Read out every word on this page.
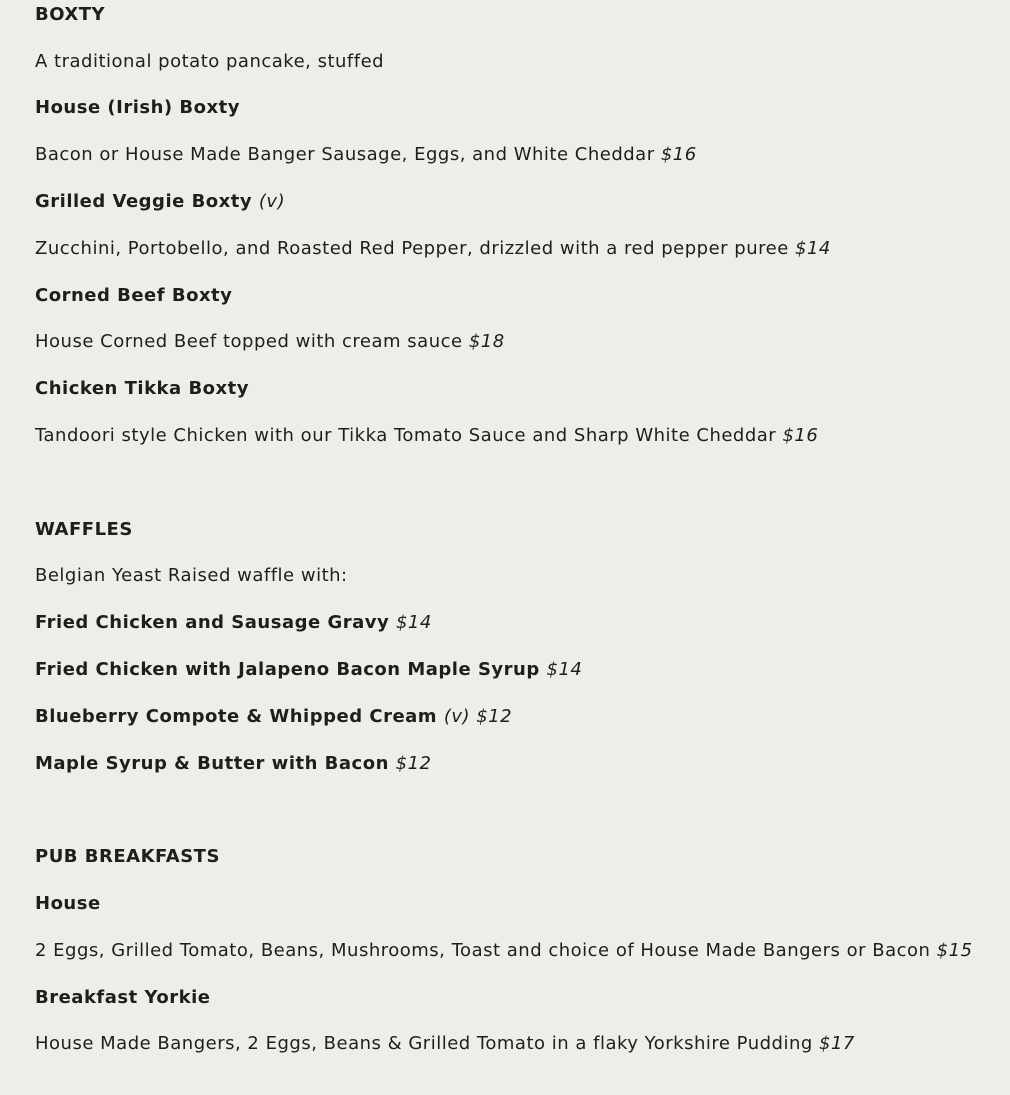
BOXTY

A traditional potato pancake, stuffed

House (Irish) Boxty

Bacon or House Made Banger Sausage, Eggs, and White Cheddar $16

Grilled Veggie Boxty (v)

Zucchini, Portobello, and Roasted Red Pepper, drizzled with a red pepper puree $14

Corned Beef Boxty

House Corned Beef topped with cream sauce $18

Chicken Tikka Boxty

Tandoori style Chicken with our Tikka Tomato Sauce and Sharp White Cheddar $16

WAFFLES

Belgian Yeast Raised waffle with:

Fried Chicken and Sausage Gravy $14

Fried Chicken with Jalapeno Bacon Maple Syrup $14

Blueberry Compote & Whipped Cream (v) $12

Maple Syrup & Butter with Bacon $12

PUB BREAKFASTS

House

2 Eggs, Grilled Tomato, Beans, Mushrooms, Toast and choice of House Made Bangers or Bacon $15

Breakfast Yorkie

House Made Bangers, 2 Eggs, Beans & Grilled Tomato in a flaky Yorkshire Pudding $17
